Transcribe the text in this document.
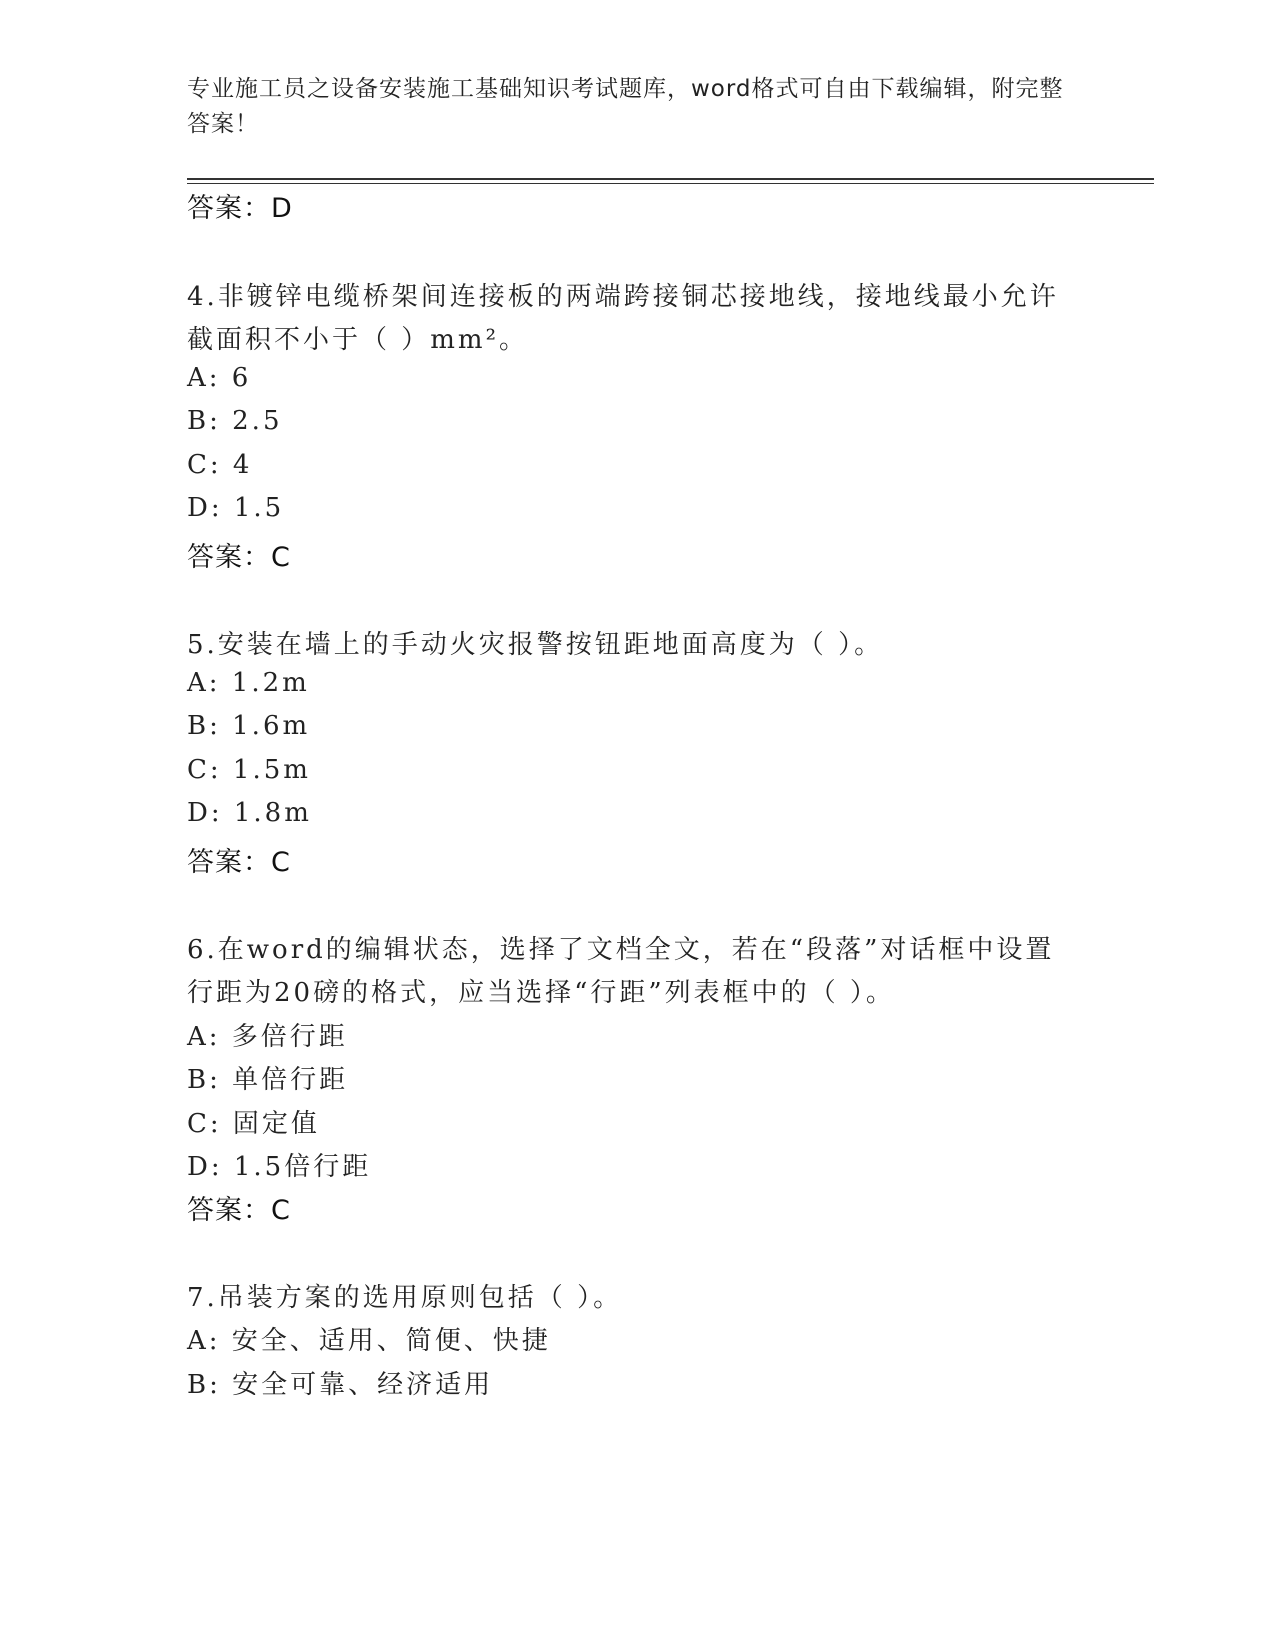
专业施工员之设备安装施工基础知识考试题库，word格式可自由下载编辑，附完整答案！
答案：D
4.非镀锌电缆桥架间连接板的两端跨接铜芯接地线，接地线最小允许
截面积不小于（ ）mm²。
A: 6
B: 2.5
C: 4
D: 1.5
答案：C
5.安装在墙上的手动火灾报警按钮距地面高度为（ ）。
A: 1.2m
B: 1.6m
C: 1.5m
D: 1.8m
答案：C
6.在word的编辑状态，选择了文档全文，若在“段落”对话框中设置
行距为20磅的格式，应当选择“行距”列表框中的（ ）。
A: 多倍行距
B: 单倍行距
C: 固定值
D: 1.5倍行距
答案：C
7.吊装方案的选用原则包括（ ）。
A: 安全、适用、简便、快捷
B: 安全可靠、经济适用
